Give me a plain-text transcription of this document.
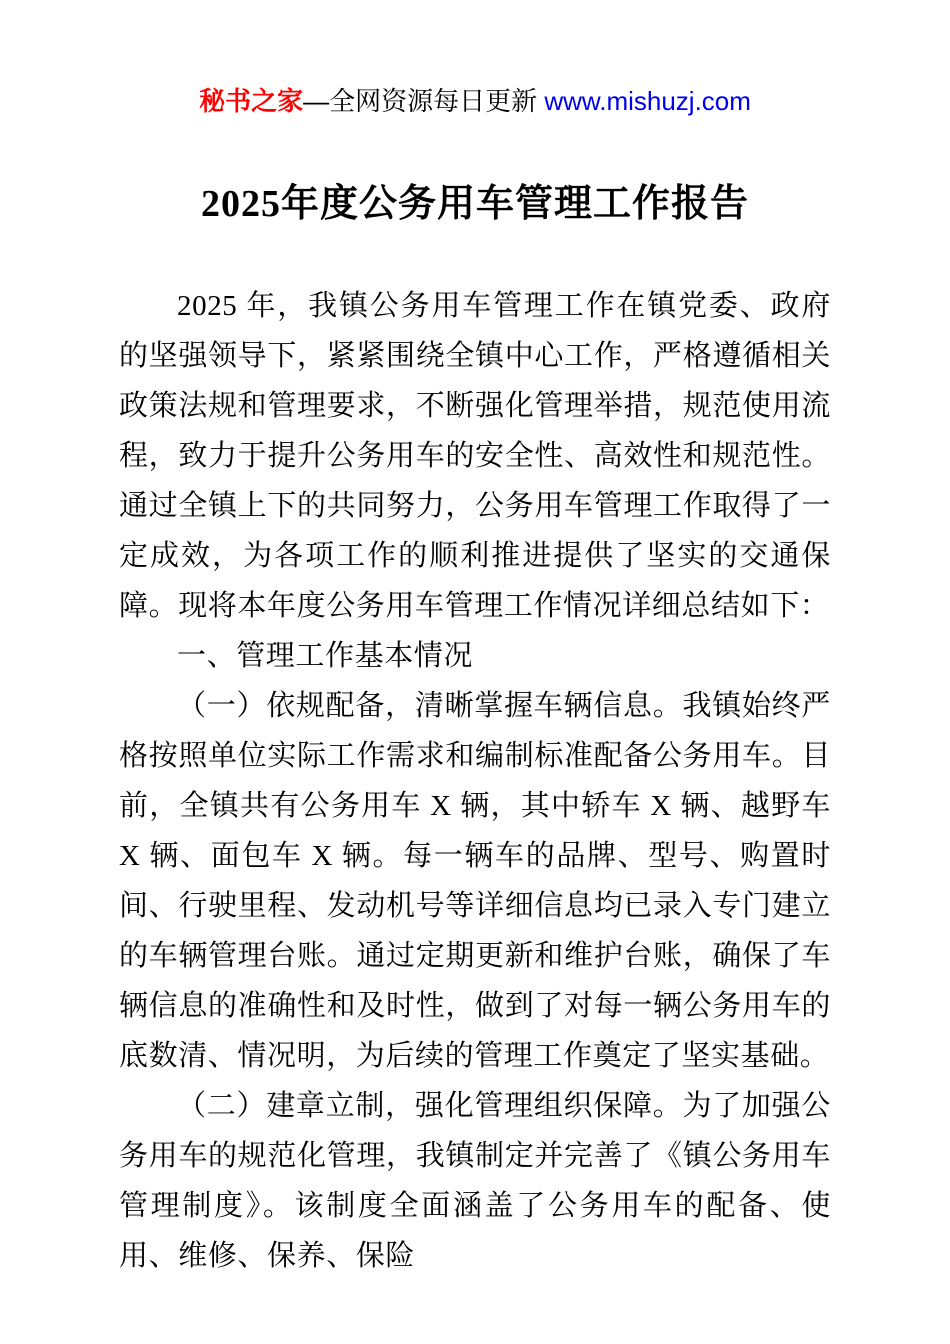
秘书之家—全网资源每日更新 www.mishuzj.com
2025年度公务用车管理工作报告

2025 年，我镇公务用车管理工作在镇党委、政府的坚强领导下，紧紧围绕全镇中心工作，严格遵循相关政策法规和管理要求，不断强化管理举措，规范使用流程，致力于提升公务用车的安全性、高效性和规范性。通过全镇上下的共同努力，公务用车管理工作取得了一定成效，为各项工作的顺利推进提供了坚实的交通保障。现将本年度公务用车管理工作情况详细总结如下：

一、管理工作基本情况

（一）依规配备，清晰掌握车辆信息。我镇始终严格按照单位实际工作需求和编制标准配备公务用车。目前，全镇共有公务用车 X 辆，其中轿车 X 辆、越野车 X 辆、面包车 X 辆。每一辆车的品牌、型号、购置时间、行驶里程、发动机号等详细信息均已录入专门建立的车辆管理台账。通过定期更新和维护台账，确保了车辆信息的准确性和及时性，做到了对每一辆公务用车的底数清、情况明，为后续的管理工作奠定了坚实基础。

（二）建章立制，强化管理组织保障。为了加强公务用车的规范化管理，我镇制定并完善了《镇公务用车管理制度》。该制度全面涵盖了公务用车的配备、使用、维修、保养、保险
